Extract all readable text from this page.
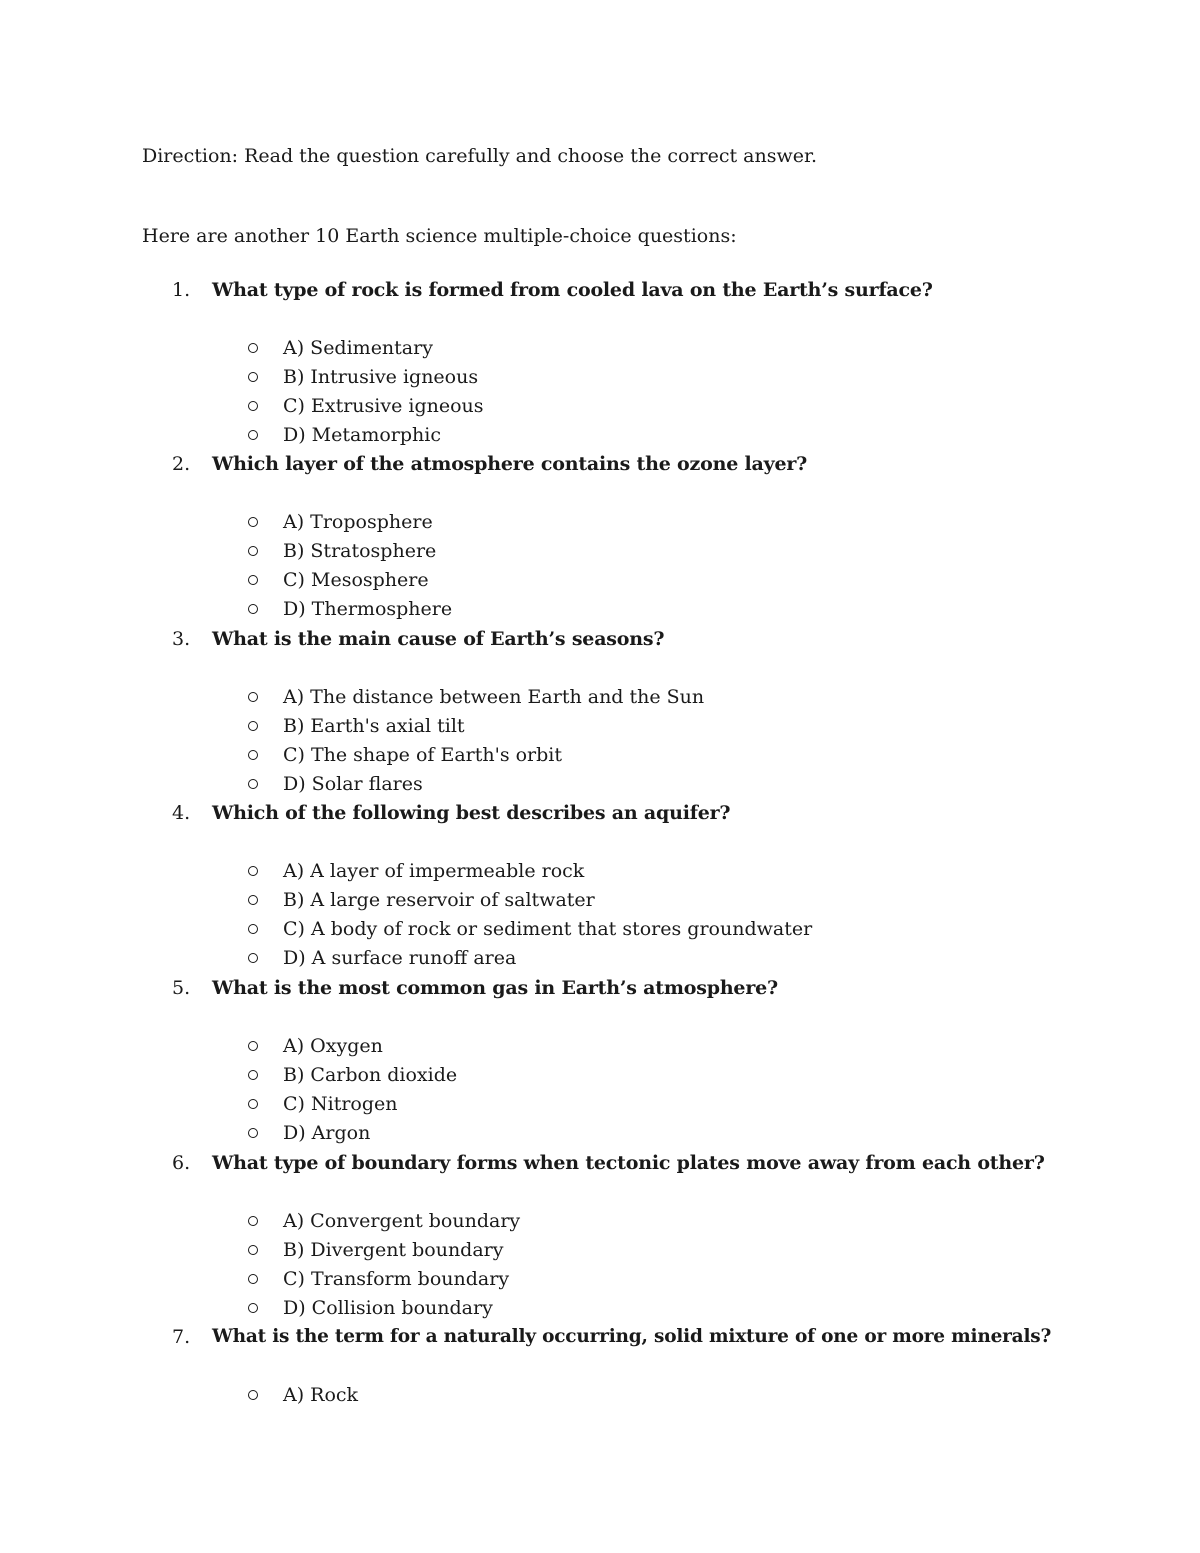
Direction: Read the question carefully and choose the correct answer.
Here are another 10 Earth science multiple-choice questions:
1.	What type of rock is formed from cooled lava on the Earth’s surface?
A) Sedimentary
B) Intrusive igneous
C) Extrusive igneous
D) Metamorphic
2.	Which layer of the atmosphere contains the ozone layer?
A) Troposphere
B) Stratosphere
C) Mesosphere
D) Thermosphere
3.	What is the main cause of Earth’s seasons?
A) The distance between Earth and the Sun
B) Earth's axial tilt
C) The shape of Earth's orbit
D) Solar flares
4.	Which of the following best describes an aquifer?
A) A layer of impermeable rock
B) A large reservoir of saltwater
C) A body of rock or sediment that stores groundwater
D) A surface runoff area
5.	What is the most common gas in Earth’s atmosphere?
A) Oxygen
B) Carbon dioxide
C) Nitrogen
D) Argon
6.	What type of boundary forms when tectonic plates move away from each other?
A) Convergent boundary
B) Divergent boundary
C) Transform boundary
D) Collision boundary
7.	What is the term for a naturally occurring, solid mixture of one or more minerals?
A) Rock
